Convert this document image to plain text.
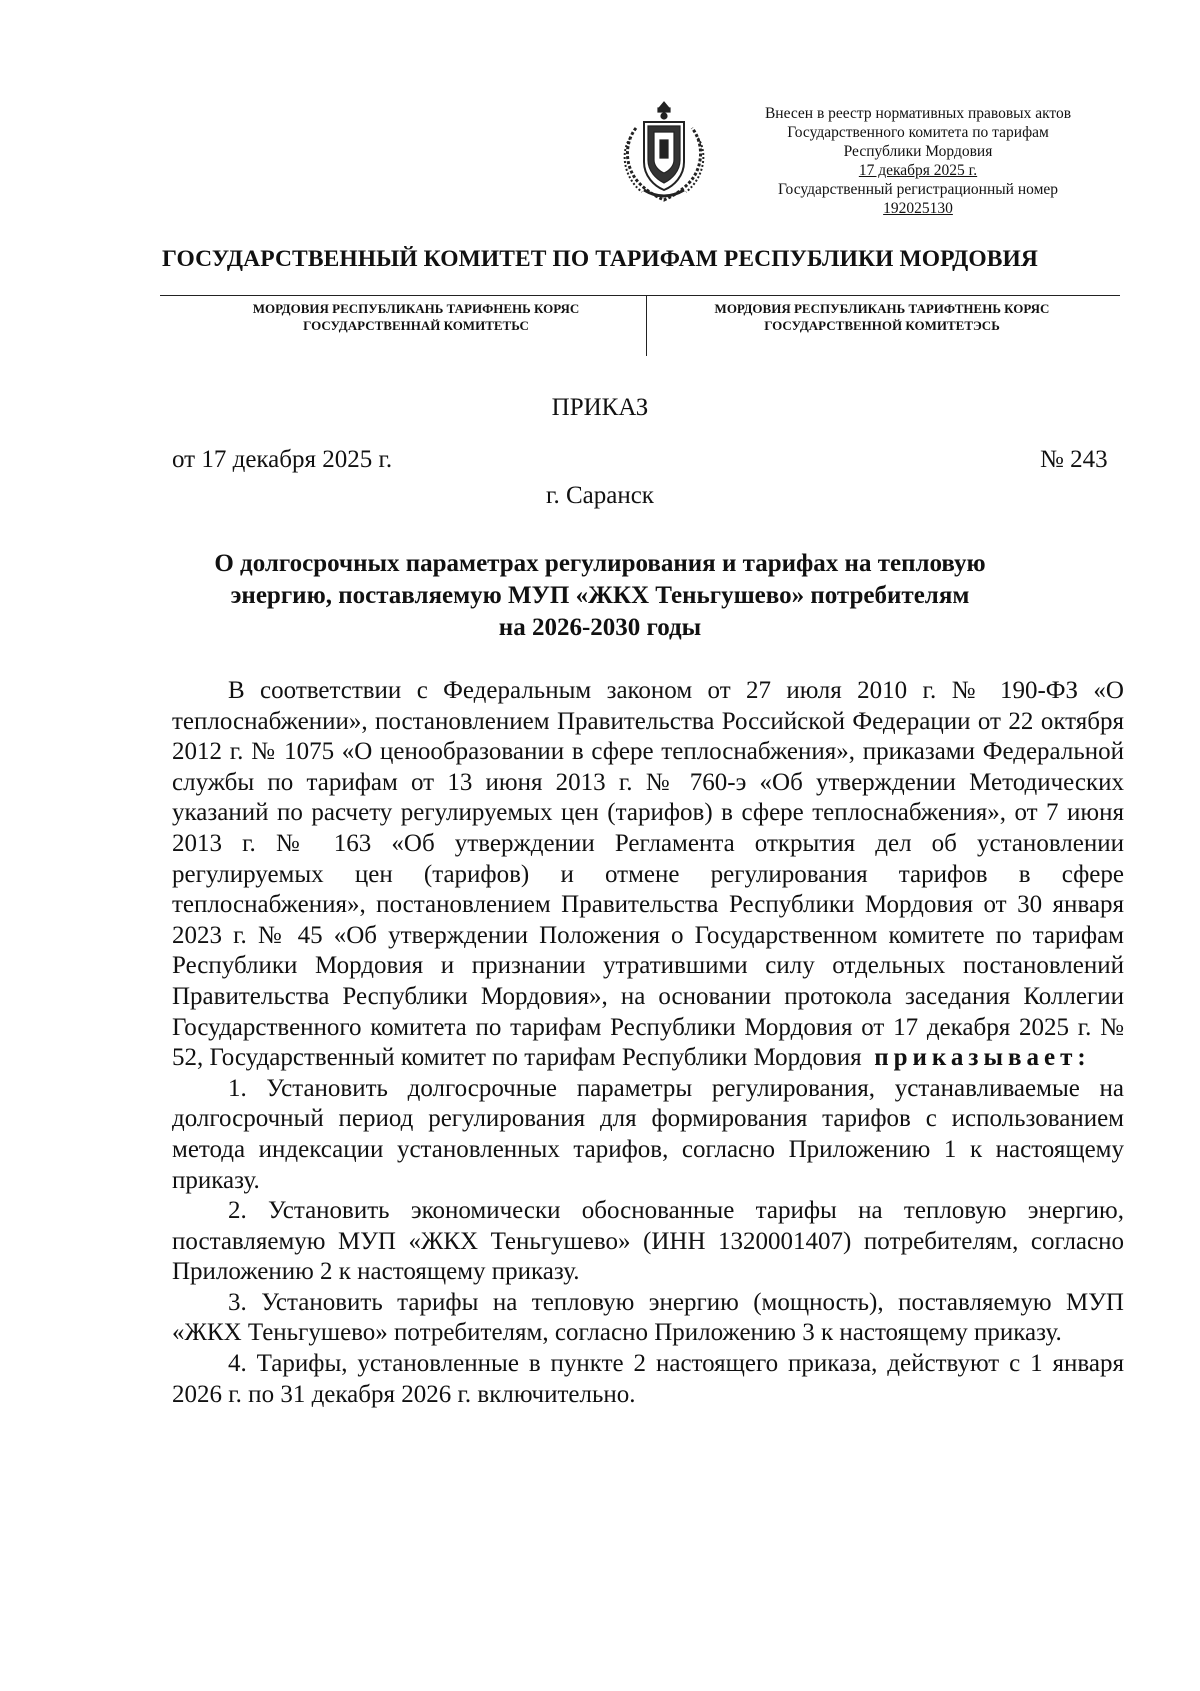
Внесен в реестр нормативных правовых актов
Государственного комитета по тарифам
Республики Мордовия
17 декабря 2025 г.
Государственный регистрационный номер
192025130
ГОСУДАРСТВЕННЫЙ КОМИТЕТ ПО ТАРИФАМ РЕСПУБЛИКИ МОРДОВИЯ
МОРДОВИЯ РЕСПУБЛИКАНЬ ТАРИФНЕНЬ КОРЯС
ГОСУДАРСТВЕННАЙ КОМИТЕТЬС
МОРДОВИЯ РЕСПУБЛИКАНЬ ТАРИФТНЕНЬ КОРЯС
ГОСУДАРСТВЕННОЙ КОМИТЕТЭСЬ
ПРИКАЗ
от 17 декабря 2025 г.	№ 243
г. Саранск
О долгосрочных параметрах регулирования и тарифах на тепловую
энергию, поставляемую МУП «ЖКХ Теньгушево» потребителям
на 2026-2030 годы

В соответствии с Федеральным законом от 27 июля 2010 г. № 190-ФЗ «О теплоснабжении», постановлением Правительства Российской Федерации от 22 октября 2012 г. № 1075 «О ценообразовании в сфере теплоснабжения», приказами Федеральной службы по тарифам от 13 июня 2013 г. № 760-э «Об утверждении Методических указаний по расчету регулируемых цен (тарифов) в сфере теплоснабжения», от 7 июня 2013 г. № 163 «Об утверждении Регламента открытия дел об установлении регулируемых цен (тарифов) и отмене регулирования тарифов в сфере теплоснабжения», постановлением Правительства Республики Мордовия от 30 января 2023 г. № 45 «Об утверждении Положения о Государственном комитете по тарифам Республики Мордовия и признании утратившими силу отдельных постановлений Правительства Республики Мордовия», на основании протокола заседания Коллегии Государственного комитета по тарифам Республики Мордовия от 17 декабря 2025 г. № 52, Государственный комитет по тарифам Республики Мордовия приказывает:

1. Установить долгосрочные параметры регулирования, устанавливаемые на долгосрочный период регулирования для формирования тарифов с использованием метода индексации установленных тарифов, согласно Приложению 1 к настоящему приказу.

2. Установить экономически обоснованные тарифы на тепловую энергию, поставляемую МУП «ЖКХ Теньгушево» (ИНН 1320001407) потребителям, согласно Приложению 2 к настоящему приказу.

3. Установить тарифы на тепловую энергию (мощность), поставляемую МУП «ЖКХ Теньгушево» потребителям, согласно Приложению 3 к настоящему приказу.

4. Тарифы, установленные в пункте 2 настоящего приказа, действуют с 1 января 2026 г. по 31 декабря 2026 г. включительно.
